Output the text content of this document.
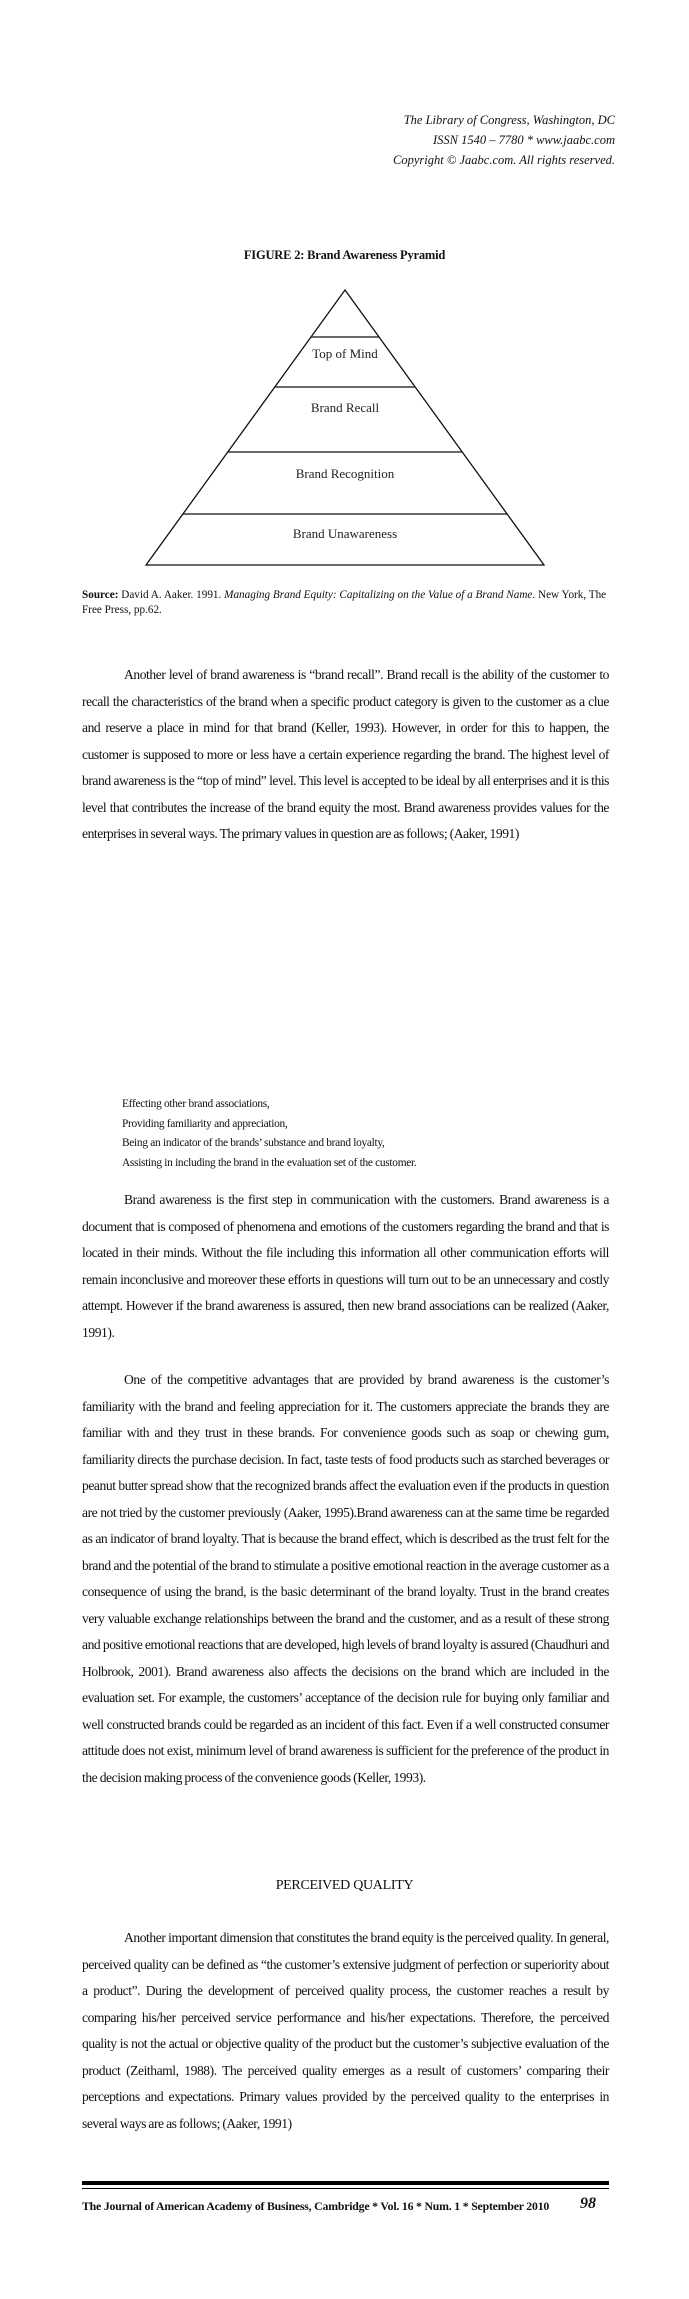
The Library of Congress, Washington, DC
ISSN 1540 – 7780 * www.jaabc.com
Copyright © Jaabc.com. All rights reserved.
FIGURE 2: Brand Awareness Pyramid
Top of Mind
Brand Recall
Brand Recognition
Brand Unawareness
Source: David A. Aaker. 1991. Managing Brand Equity: Capitalizing on the Value of a Brand Name. New York, The Free Press, pp.62.

Another level of brand awareness is “brand recall”. Brand recall is the ability of the customer to recall the characteristics of the brand when a specific product category is given to the customer as a clue and reserve a place in mind for that brand (Keller, 1993). However, in order for this to happen, the customer is supposed to more or less have a certain experience regarding the brand. The highest level of brand awareness is the “top of mind” level. This level is accepted to be ideal by all enterprises and it is this level that contributes the increase of the brand equity the most. Brand awareness provides values for the enterprises in several ways. The primary values in question are as follows; (Aaker, 1991)

Effecting other brand associations,
Providing familiarity and appreciation,
Being an indicator of the brands’ substance and brand loyalty,
Assisting in including the brand in the evaluation set of the customer.

Brand awareness is the first step in communication with the customers. Brand awareness is a document that is composed of phenomena and emotions of the customers regarding the brand and that is located in their minds. Without the file including this information all other communication efforts will remain inconclusive and moreover these efforts in questions will turn out to be an unnecessary and costly attempt. However if the brand awareness is assured, then new brand associations can be realized (Aaker, 1991).

One of the competitive advantages that are provided by brand awareness is the customer’s familiarity with the brand and feeling appreciation for it. The customers appreciate the brands they are familiar with and they trust in these brands. For convenience goods such as soap or chewing gum, familiarity directs the purchase decision. In fact, taste tests of food products such as starched beverages or peanut butter spread show that the recognized brands affect the evaluation even if the products in question are not tried by the customer previously (Aaker, 1995).Brand awareness can at the same time be regarded as an indicator of brand loyalty. That is because the brand effect, which is described as the trust felt for the brand and the potential of the brand to stimulate a positive emotional reaction in the average customer as a consequence of using the brand, is the basic determinant of the brand loyalty. Trust in the brand creates very valuable exchange relationships between the brand and the customer, and as a result of these strong and positive emotional reactions that are developed, high levels of brand loyalty is assured (Chaudhuri and Holbrook, 2001). Brand awareness also affects the decisions on the brand which are included in the evaluation set. For example, the customers’ acceptance of the decision rule for buying only familiar and well constructed brands could be regarded as an incident of this fact. Even if a well constructed consumer attitude does not exist, minimum level of brand awareness is sufficient for the preference of the product in the decision making process of the convenience goods (Keller, 1993).

PERCEIVED QUALITY

Another important dimension that constitutes the brand equity is the perceived quality. In general, perceived quality can be defined as “the customer’s extensive judgment of perfection or superiority about a product”. During the development of perceived quality process, the customer reaches a result by comparing his/her perceived service performance and his/her expectations. Therefore, the perceived quality is not the actual or objective quality of the product but the customer’s subjective evaluation of the product (Zeithaml, 1988). The perceived quality emerges as a result of customers’ comparing their perceptions and expectations. Primary values provided by the perceived quality to the enterprises in several ways are as follows; (Aaker, 1991)

The Journal of American Academy of Business, Cambridge * Vol. 16 * Num. 1 * September 2010	98
